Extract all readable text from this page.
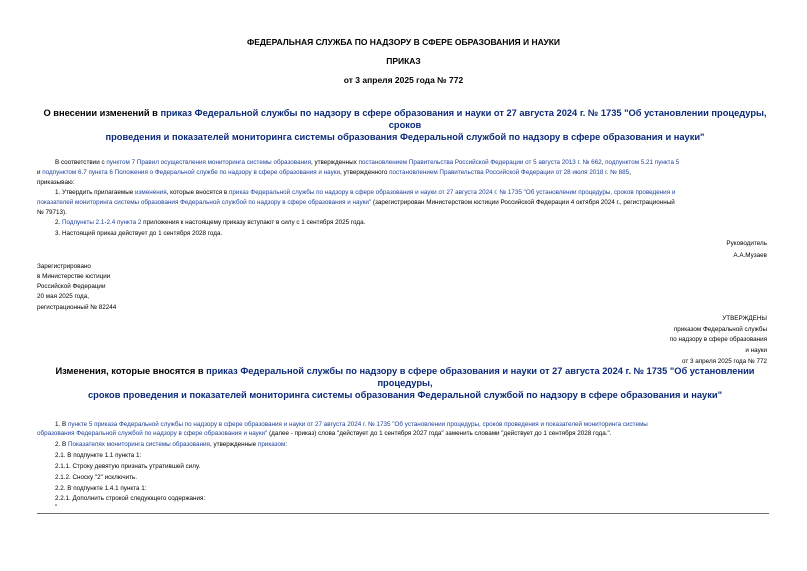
ФЕДЕРАЛЬНАЯ СЛУЖБА ПО НАДЗОРУ В СФЕРЕ ОБРАЗОВАНИЯ И НАУКИ
ПРИКАЗ
от 3 апреля 2025 года № 772
О внесении изменений в приказ Федеральной службы по надзору в сфере образования и науки от 27 августа 2024 г. № 1735 "Об установлении процедуры, сроков
проведения и показателей мониторинга системы образования Федеральной службой по надзору в сфере образования и науки"
В соответствии с пунктом 7 Правил осуществления мониторинга системы образования, утвержденных постановлением Правительства Российской Федерации от 5 августа 2013 г. № 662, подпунктом 5.21 пункта 5
и подпунктом 6.7 пункта 6 Положения о Федеральной службе по надзору в сфере образования и науки, утвержденного постановлением Правительства Российской Федерации от 28 июля 2018 г. № 885,
приказываю:
1. Утвердить прилагаемые изменения, которые вносятся в приказ Федеральной службы по надзору в сфере образования и науки от 27 августа 2024 г. № 1735 "Об установлении процедуры, сроков проведения и
показателей мониторинга системы образования Федеральной службой по надзору в сфере образования и науки" (зарегистрирован Министерством юстиции Российской Федерации 4 октября 2024 г., регистрационный
№ 79713).
2. Подпункты 2.1-2.4 пункта 2 приложения к настоящему приказу вступают в силу с 1 сентября 2025 года.
3. Настоящий приказ действует до 1 сентября 2028 года.
Руководитель
А.А.Музаев
Зарегистрировано
в Министерстве юстиции
Российской Федерации
20 мая 2025 года,
регистрационный № 82244
УТВЕРЖДЕНЫ
приказом Федеральной службы
по надзору в сфере образования
и науки
от 3 апреля 2025 года № 772
Изменения, которые вносятся в приказ Федеральной службы по надзору в сфере образования и науки от 27 августа 2024 г. № 1735 "Об установлении процедуры,
сроков проведения и показателей мониторинга системы образования Федеральной службой по надзору в сфере образования и науки"
1. В пункте 5 приказа Федеральной службы по надзору в сфере образования и науки от 27 августа 2024 г. № 1735 "Об установлении процедуры, сроков проведения и показателей мониторинга системы
образования Федеральной службой по надзору в сфере образования и науки" (далее - приказ) слова "действует до 1 сентября 2027 года" заменить словами "действует до 1 сентября 2028 года.".
2. В Показателях мониторинга системы образования, утвержденные приказом:
2.1. В подпункте 1.1 пункта 1:
2.1.1. Строку девятую признать утратившей силу.
2.1.2. Сноску "2" исключить.
2.2. В подпункте 1.4.1 пункта 1:
2.2.1. Дополнить строкой следующего содержания:
"
